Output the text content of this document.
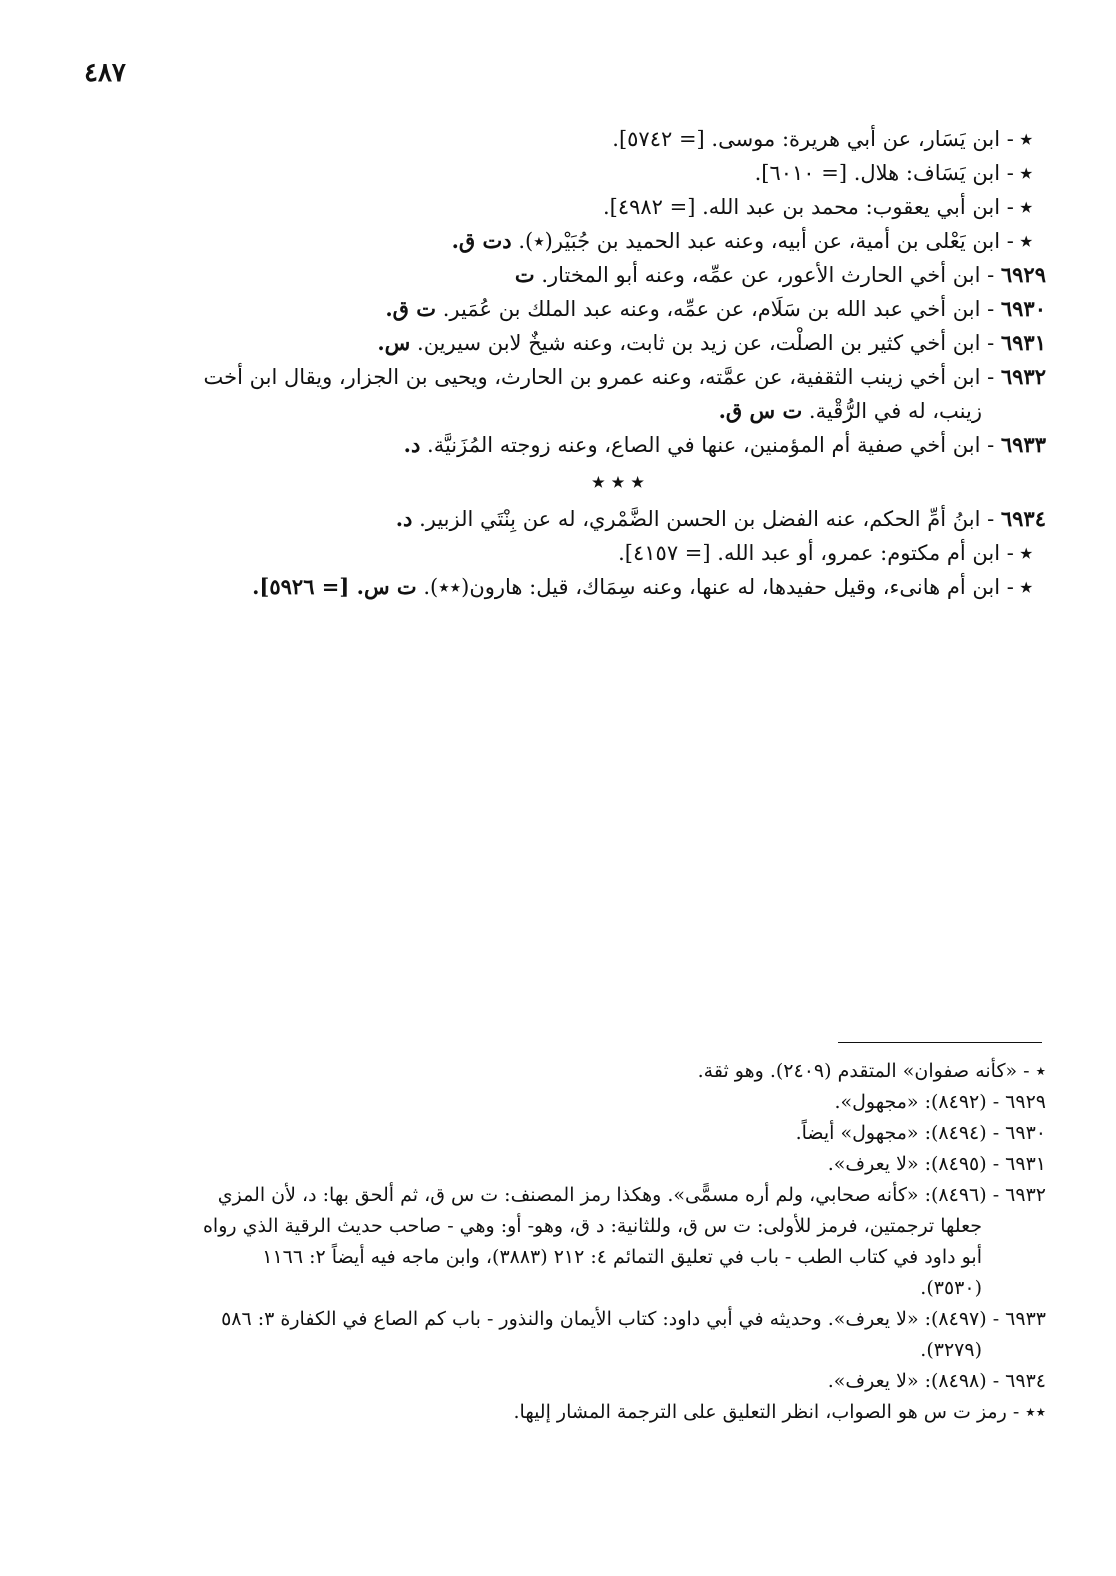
٤٨٧

٭ - ابن يَسَار، عن أبي هريرة: موسى. [= ٥٧٤٢].

٭ - ابن يَسَاف: هلال. [= ٦٠١٠].

٭ - ابن أبي يعقوب: محمد بن عبد الله. [= ٤٩٨٢].

٭ - ابن يَعْلى بن أمية، عن أبيه، وعنه عبد الحميد بن جُبَيْر(٭). دت ق.

٦٩٢٩ - ابن أخي الحارث الأعور، عن عمِّه، وعنه أبو المختار. ت

٦٩٣٠ - ابن أخي عبد الله بن سَلَام، عن عمِّه، وعنه عبد الملك بن عُمَير. ت ق.

٦٩٣١ - ابن أخي كثير بن الصلْت، عن زيد بن ثابت، وعنه شيخٌ لابن سيرين. س.

٦٩٣٢ - ابن أخي زينب الثقفية، عن عمَّته، وعنه عمرو بن الحارث، ويحيى بن الجزار، ويقال ابن أخت

زينب، له في الرُّقْية. ت س ق.

٦٩٣٣ - ابن أخي صفية أم المؤمنين، عنها في الصاع، وعنه زوجته المُزَنيَّة. د.

٭ ٭ ٭

٦٩٣٤ - ابنُ أمِّ الحكم، عنه الفضل بن الحسن الضَّمْري، له عن بِنْتَي الزبير. د.

٭ - ابن أم مكتوم: عمرو، أو عبد الله. [= ٤١٥٧].

٭ - ابن أم هانىء، وقيل حفيدها، له عنها، وعنه سِمَاك، قيل: هارون(٭٭). ت س. [= ٥٩٢٦].

٭ - «كأنه صفوان» المتقدم (٢٤٠٩). وهو ثقة.

٦٩٢٩ - (٨٤٩٢): «مجهول».

٦٩٣٠ - (٨٤٩٤): «مجهول» أيضاً.

٦٩٣١ - (٨٤٩٥): «لا يعرف».

٦٩٣٢ - (٨٤٩٦): «كأنه صحابي، ولم أره مسمًّى». وهكذا رمز المصنف: ت س ق، ثم ألحق بها: د، لأن المزي

جعلها ترجمتين، فرمز للأولى: ت س ق، وللثانية: د ق، وهو- أو: وهي - صاحب حديث الرقية الذي رواه

أبو داود في كتاب الطب - باب في تعليق التمائم ٤: ٢١٢ (٣٨٨٣)، وابن ماجه فيه أيضاً ٢: ١١٦٦

(٣٥٣٠).

٦٩٣٣ - (٨٤٩٧): «لا يعرف». وحديثه في أبي داود: كتاب الأيمان والنذور - باب كم الصاع في الكفارة ٣: ٥٨٦

(٣٢٧٩).

٦٩٣٤ - (٨٤٩٨): «لا يعرف».

٭٭ - رمز ت س هو الصواب، انظر التعليق على الترجمة المشار إليها.
